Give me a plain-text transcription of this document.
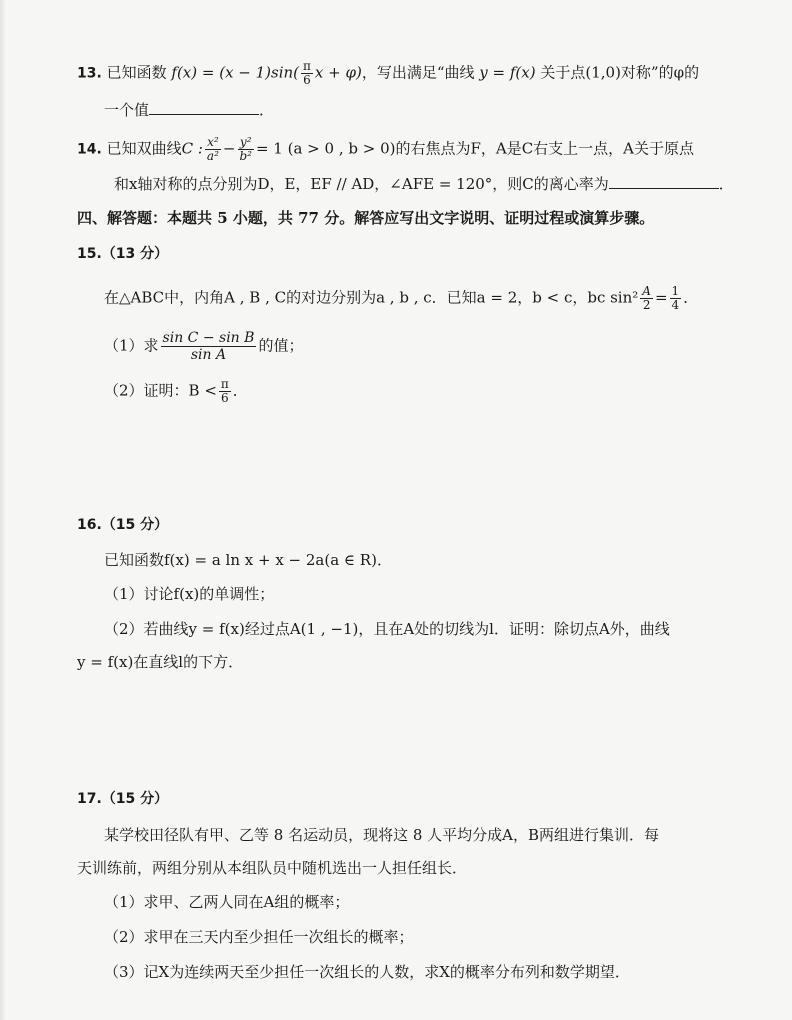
13. 已知函数 $f(x) = (x - 1)\sin( \frac{\pi}{6}$ x + φ)，写出满足“曲线 y = f(x) 关于点(1,0)对称”的φ的
一个值	．
14. 已知双曲线C : $\frac{\text{x²}}{\text{a²}} - \frac{\text{y²}}{\text{b²}} = 1$ (a > 0 , b > 0)的右焦点为F，A是C右支上一点，A关于原点
和x轴对称的点分别为D，E，EF // AD，∠AFE = 120°，则C的离心率为	．
四、解答题：本题共 5 小题，共 77 分。解答应写出文字说明、证明过程或演算步骤。
15.（13 分）
在△ABC中，内角A , B , C的对边分别为a , b , c．已知a = 2，b < c，bc $\sin^2 \frac{A}{2} = \frac{1}{4}$ ．
（1）求 $\frac{\text{sin C − sin B}}{\text{sin A}}$ 的值；
（2）证明：$B < \frac{\pi}{6}$ ．
16.（15 分）
已知函数f(x) = a ln x + x − 2a(a ∈ R)．
（1）讨论f(x)的单调性；
（2）若曲线y = f(x)经过点A(1 , −1)，且在A处的切线为l．证明：除切点A外，曲线
y = f(x)在直线l的下方．
17.（15 分）
某学校田径队有甲、乙等 8 名运动员，现将这 8 人平均分成A，B两组进行集训．每
天训练前，两组分别从本组队员中随机选出一人担任组长．
（1）求甲、乙两人同在A组的概率；
（2）求甲在三天内至少担任一次组长的概率；
（3）记X为连续两天至少担任一次组长的人数，求X的概率分布列和数学期望．
